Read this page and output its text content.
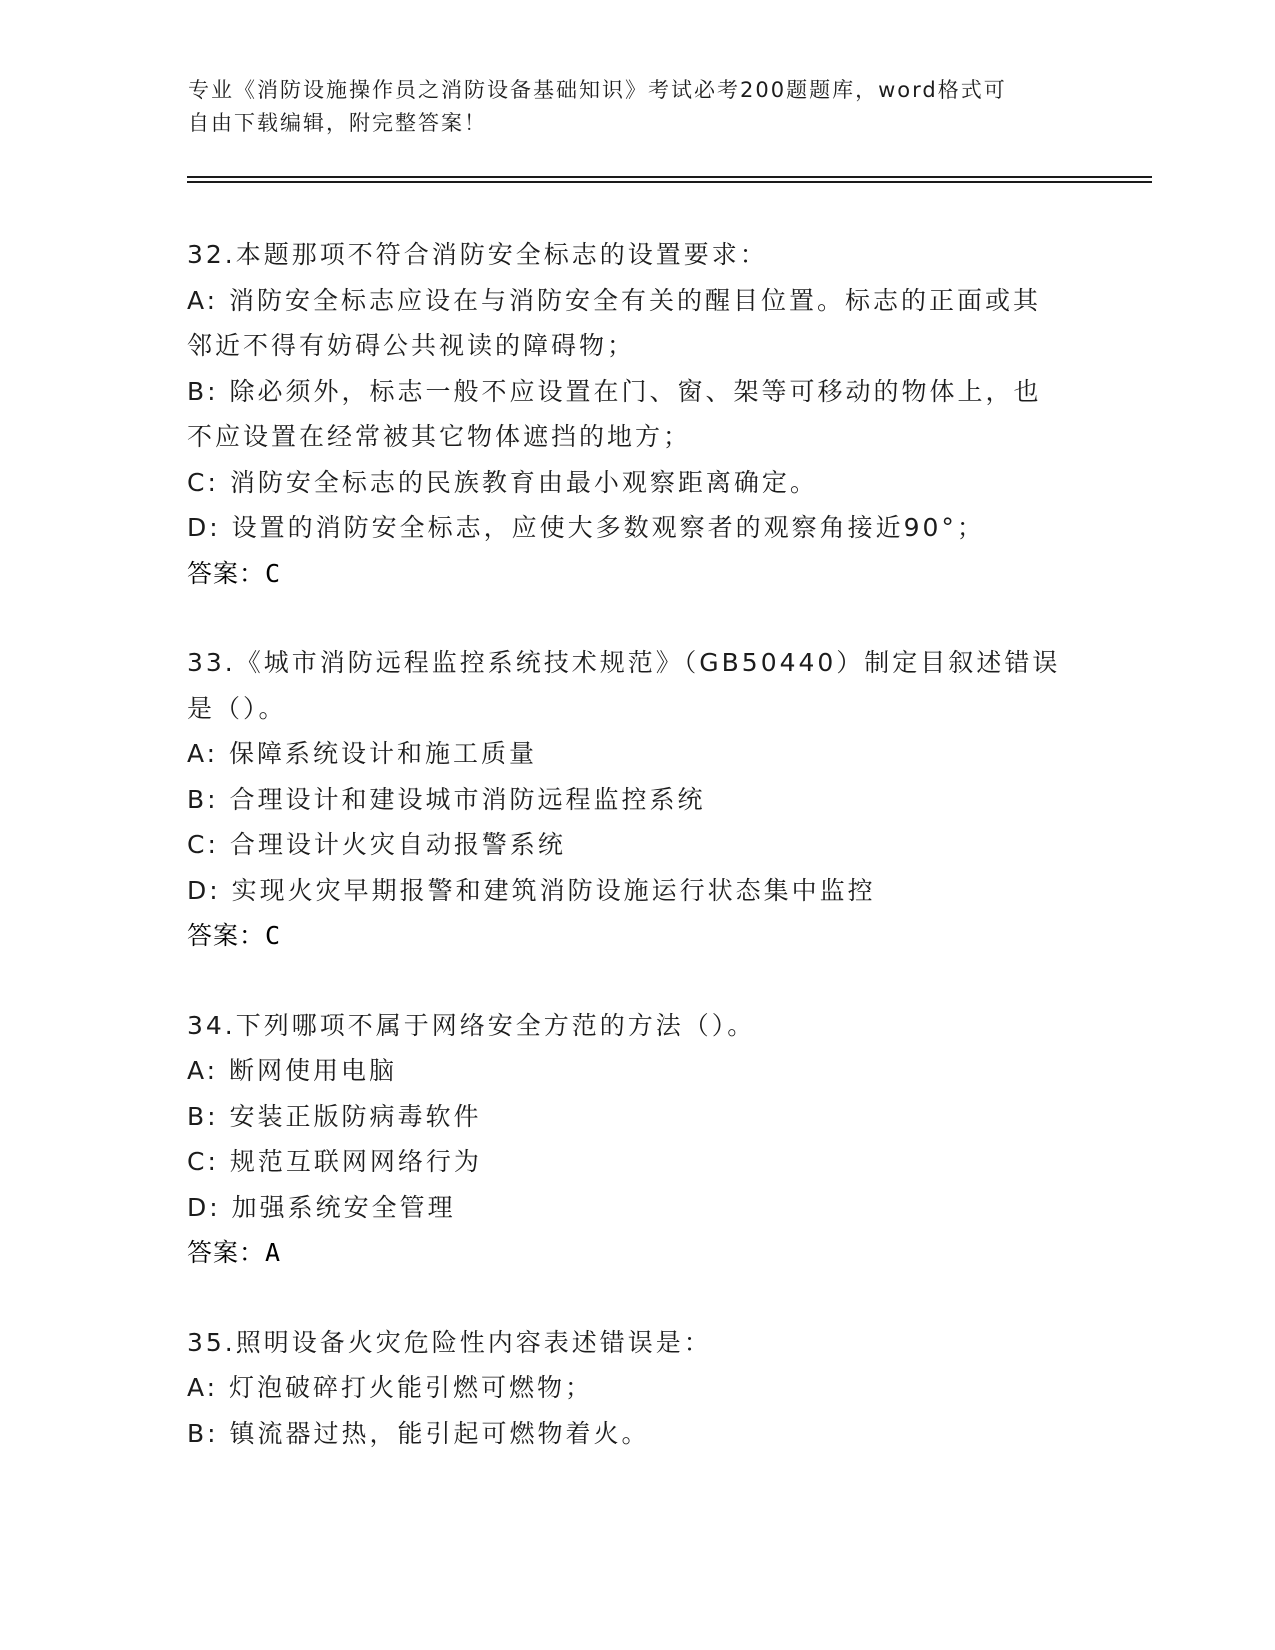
专业《消防设施操作员之消防设备基础知识》考试必考200题题库，word格式可
自由下载编辑，附完整答案！
32.本题那项不符合消防安全标志的设置要求：
A: 消防安全标志应设在与消防安全有关的醒目位置。标志的正面或其
邻近不得有妨碍公共视读的障碍物；
B: 除必须外，标志一般不应设置在门、窗、架等可移动的物体上，也
不应设置在经常被其它物体遮挡的地方；
C: 消防安全标志的民族教育由最小观察距离确定。
D: 设置的消防安全标志，应使大多数观察者的观察角接近90°；
答案：C
33.《城市消防远程监控系统技术规范》（GB50440）制定目叙述错误
是（）。
A: 保障系统设计和施工质量
B: 合理设计和建设城市消防远程监控系统
C: 合理设计火灾自动报警系统
D: 实现火灾早期报警和建筑消防设施运行状态集中监控
答案：C
34.下列哪项不属于网络安全方范的方法（）。
A: 断网使用电脑
B: 安装正版防病毒软件
C: 规范互联网网络行为
D: 加强系统安全管理
答案：A
35.照明设备火灾危险性内容表述错误是：
A: 灯泡破碎打火能引燃可燃物；
B: 镇流器过热，能引起可燃物着火。
